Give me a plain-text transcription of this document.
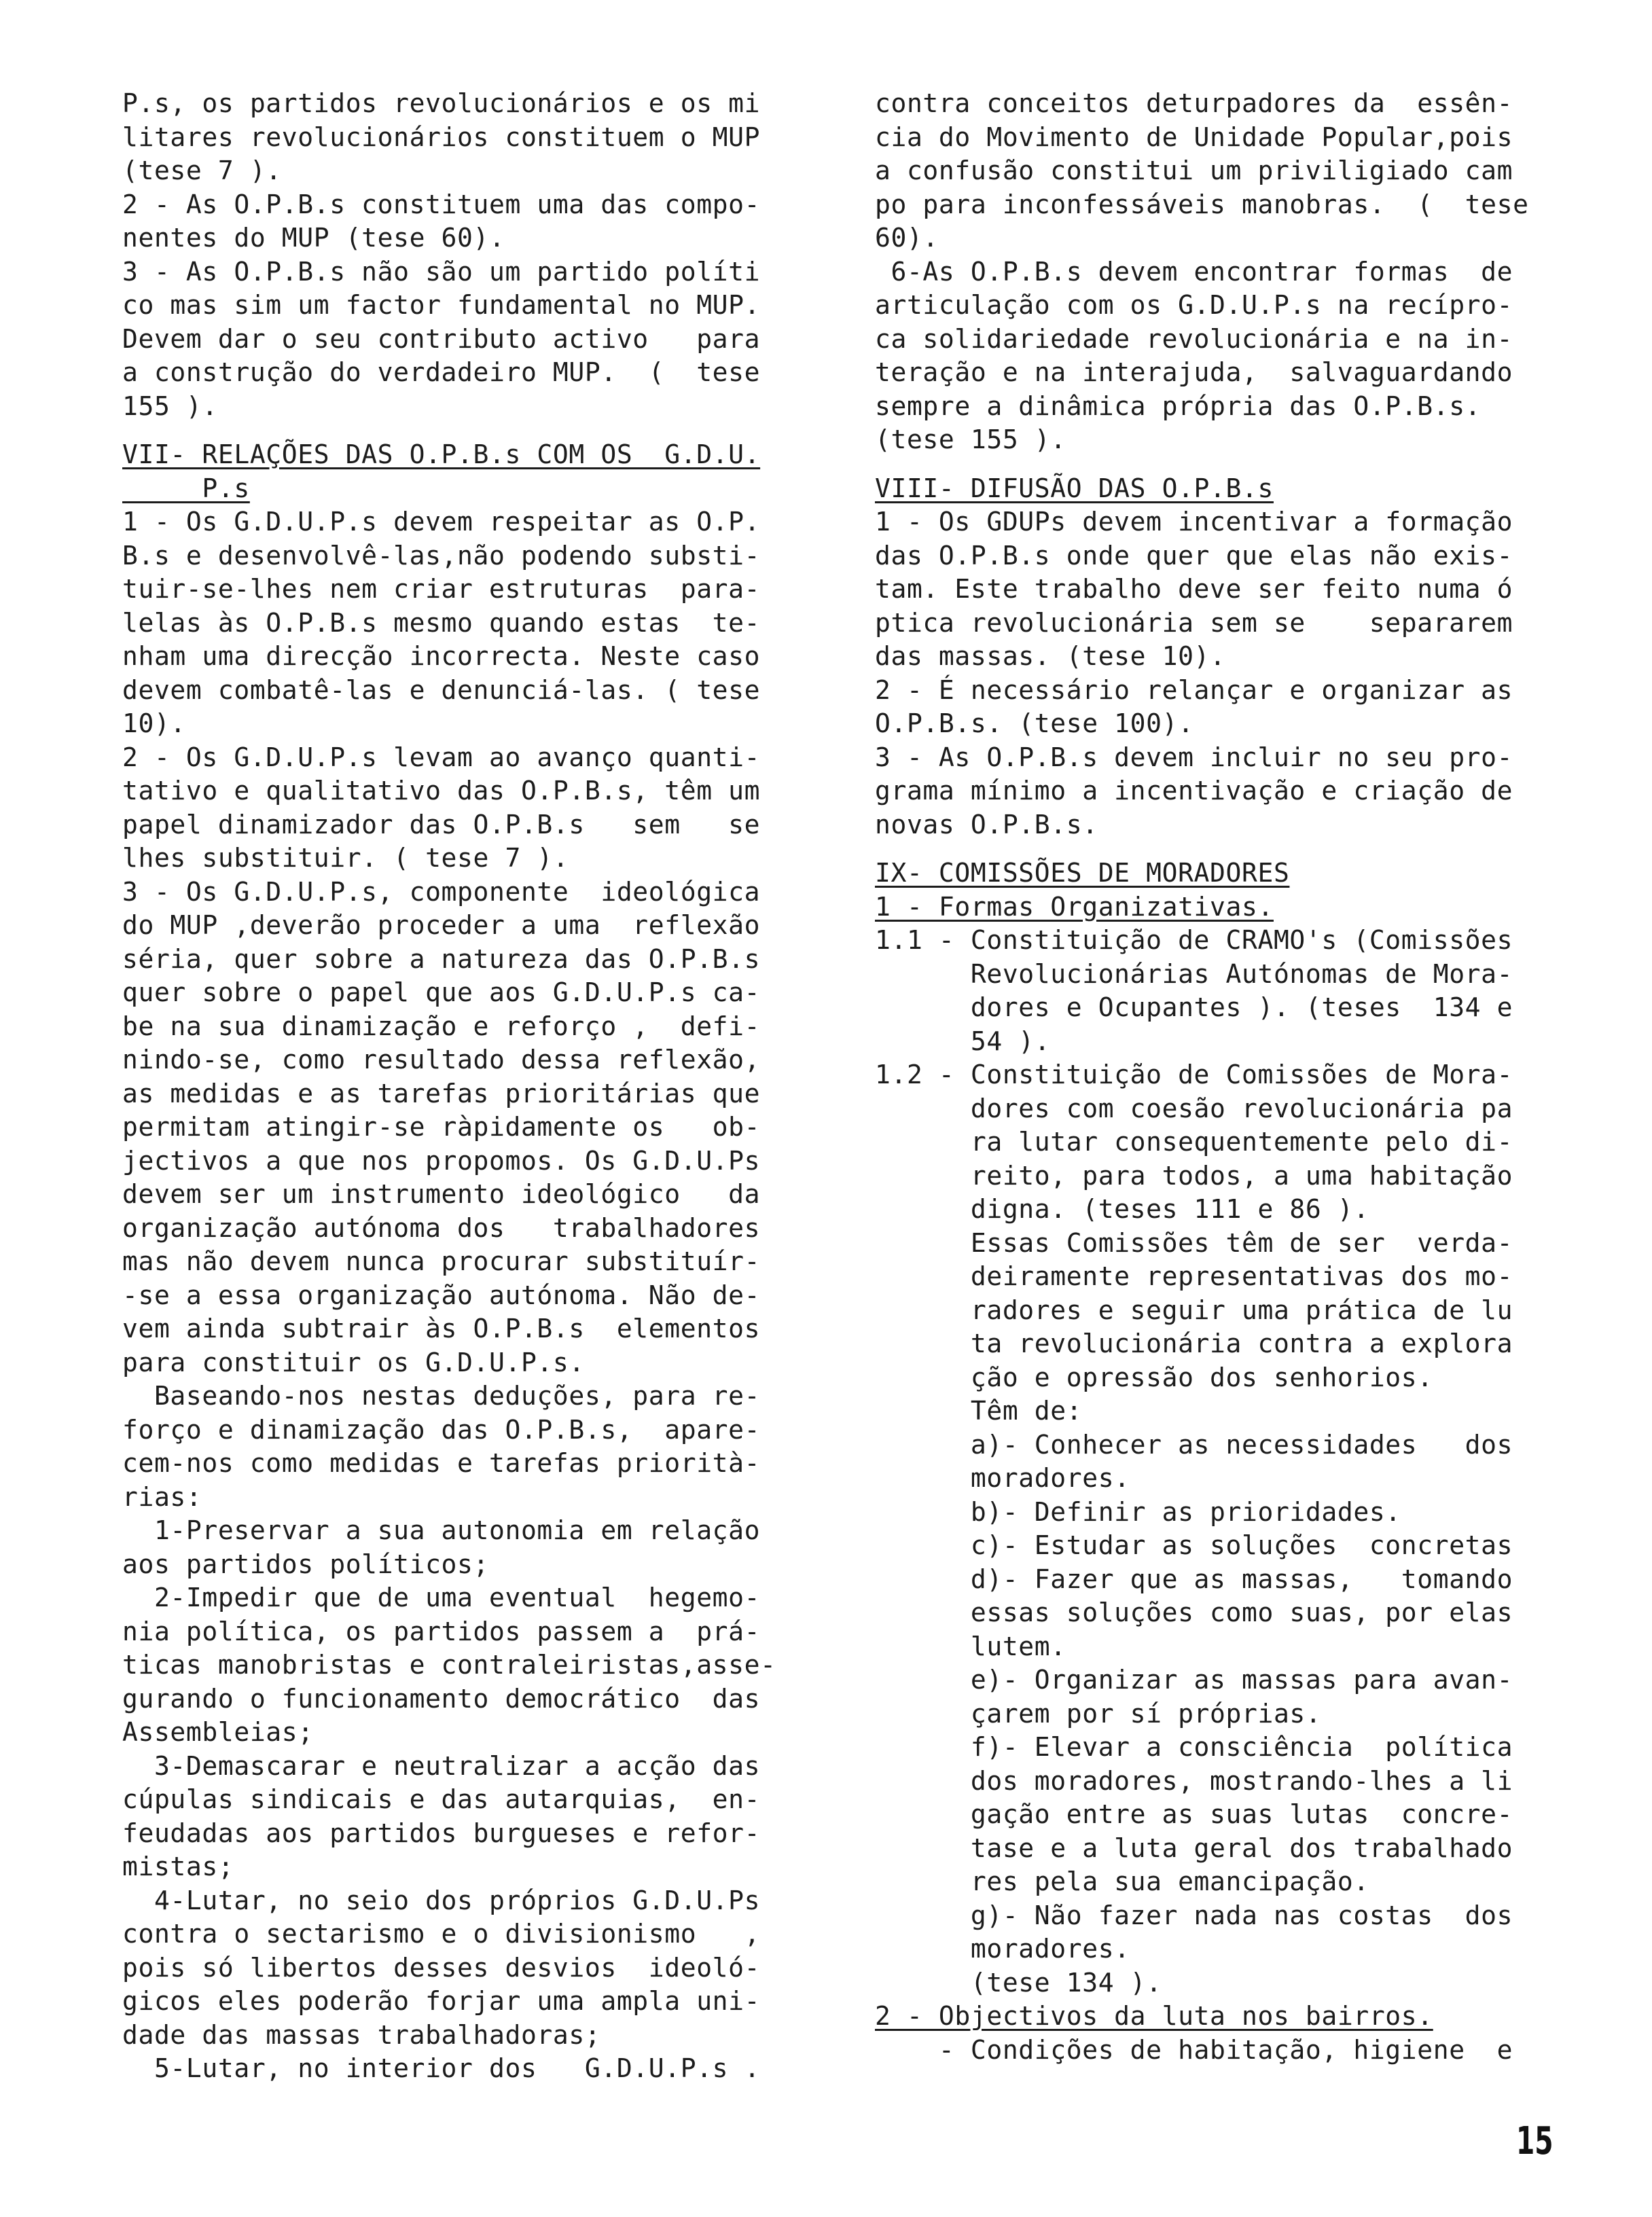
P.s, os partidos revolucionários e os mi
litares revolucionários constituem o MUP
(tese 7 ).
2 - As O.P.B.s constituem uma das compo-
nentes do MUP (tese 60).
3 - As O.P.B.s não são um partido políti
co mas sim um factor fundamental no MUP.
Devem dar o seu contributo activo   para
a construção do verdadeiro MUP.  (  tese
155 ).
VII- RELAÇÕES DAS O.P.B.s COM OS  G.D.U.
P.s
1 - Os G.D.U.P.s devem respeitar as O.P.
B.s e desenvolvê-las,não podendo substi-
tuir-se-lhes nem criar estruturas  para-
lelas às O.P.B.s mesmo quando estas  te-
nham uma direcção incorrecta. Neste caso
devem combatê-las e denunciá-las. ( tese
10).
2 - Os G.D.U.P.s levam ao avanço quanti-
tativo e qualitativo das O.P.B.s, têm um
papel dinamizador das O.P.B.s   sem   se
lhes substituir. ( tese 7 ).
3 - Os G.D.U.P.s, componente  ideológica
do MUP ,deverão proceder a uma  reflexão
séria, quer sobre a natureza das O.P.B.s
quer sobre o papel que aos G.D.U.P.s ca-
be na sua dinamização e reforço ,  defi-
nindo-se, como resultado dessa reflexão,
as medidas e as tarefas prioritárias que
permitam atingir-se ràpidamente os   ob-
jectivos a que nos propomos. Os G.D.U.Ps
devem ser um instrumento ideológico   da
organização autónoma dos   trabalhadores
mas não devem nunca procurar substituír-
-se a essa organização autónoma. Não de-
vem ainda subtrair às O.P.B.s  elementos
para constituir os G.D.U.P.s.
Baseando-nos nestas deduções, para re-
forço e dinamização das O.P.B.s,  apare-
cem-nos como medidas e tarefas priorità-
rias:
1-Preservar a sua autonomia em relação
aos partidos políticos;
2-Impedir que de uma eventual  hegemo-
nia política, os partidos passem a  prá-
ticas manobristas e contraleiristas,asse-
gurando o funcionamento democrático  das
Assembleias;
3-Demascarar e neutralizar a acção das
cúpulas sindicais e das autarquias,  en-
feudadas aos partidos burgueses e refor-
mistas;
4-Lutar, no seio dos próprios G.D.U.Ps
contra o sectarismo e o divisionismo   ,
pois só libertos desses desvios  ideoló-
gicos eles poderão forjar uma ampla uni-
dade das massas trabalhadoras;
5-Lutar, no interior dos   G.D.U.P.s .
contra conceitos deturpadores da  essên-
cia do Movimento de Unidade Popular,pois
a confusão constitui um priviligiado cam
po para inconfessáveis manobras.  (  tese
60).
6-As O.P.B.s devem encontrar formas  de
articulação com os G.D.U.P.s na recípro-
ca solidariedade revolucionária e na in-
teração e na interajuda,  salvaguardando
sempre a dinâmica própria das O.P.B.s.
(tese 155 ).
VIII- DIFUSÃO DAS O.P.B.s
1 - Os GDUPs devem incentivar a formação
das O.P.B.s onde quer que elas não exis-
tam. Este trabalho deve ser feito numa ó
ptica revolucionária sem se    separarem
das massas. (tese 10).
2 - É necessário relançar e organizar as
O.P.B.s. (tese 100).
3 - As O.P.B.s devem incluir no seu pro-
grama mínimo a incentivação e criação de
novas O.P.B.s.
IX- COMISSÕES DE MORADORES
1 - Formas Organizativas.
1.1 - Constituição de CRAMO's (Comissões
Revolucionárias Autónomas de Mora-
dores e Ocupantes ). (teses  134 e
54 ).
1.2 - Constituição de Comissões de Mora-
dores com coesão revolucionária pa
ra lutar consequentemente pelo di-
reito, para todos, a uma habitação
digna. (teses 111 e 86 ).
Essas Comissões têm de ser  verda-
deiramente representativas dos mo-
radores e seguir uma prática de lu
ta revolucionária contra a explora
ção e opressão dos senhorios.
Têm de:
a)- Conhecer as necessidades   dos
moradores.
b)- Definir as prioridades.
c)- Estudar as soluções  concretas
d)- Fazer que as massas,   tomando
essas soluções como suas, por elas
lutem.
e)- Organizar as massas para avan-
çarem por sí próprias.
f)- Elevar a consciência  política
dos moradores, mostrando-lhes a li
gação entre as suas lutas  concre-
tase e a luta geral dos trabalhado
res pela sua emancipação.
g)- Não fazer nada nas costas  dos
moradores.
(tese 134 ).
2 - Objectivos da luta nos bairros.
- Condições de habitação, higiene  e
15
